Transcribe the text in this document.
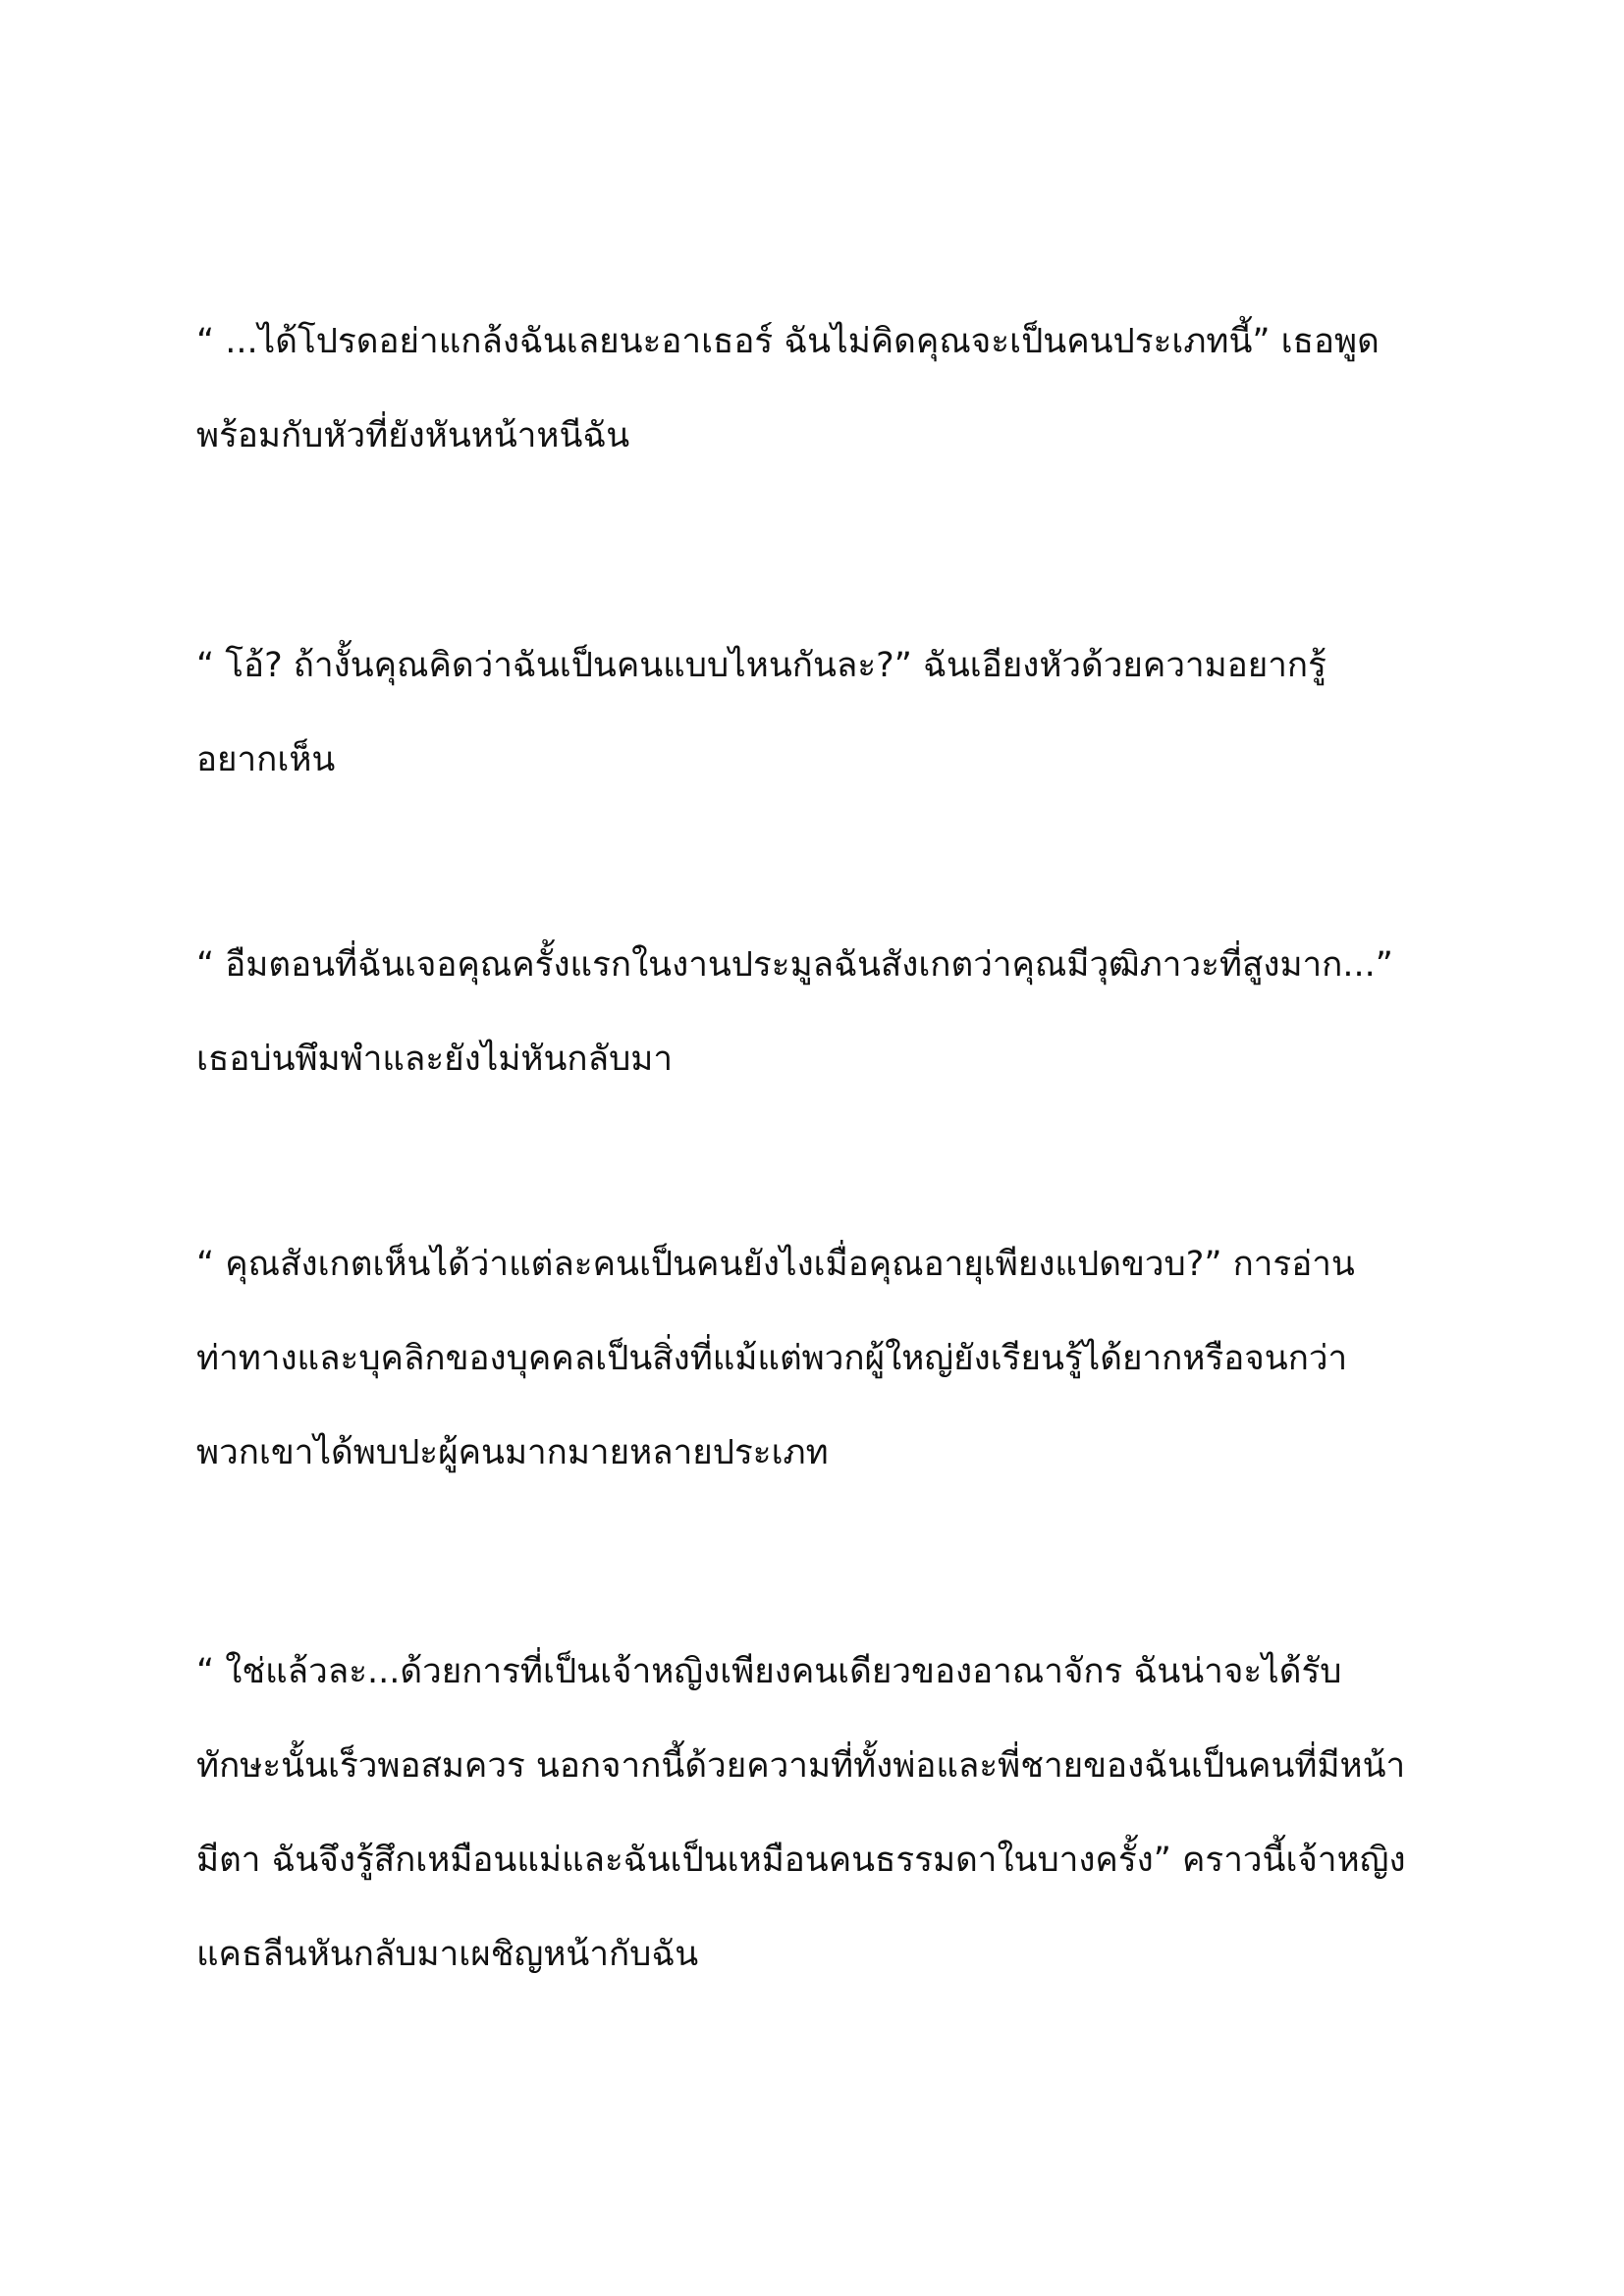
“ ...ได้โปรดอย่าแกล้งฉันเลยนะอาเธอร์ ฉันไม่คิดคุณจะเป็นคนประเภทนี้” เธอพูด
พร้อมกับหัวที่ยังหันหน้าหนีฉัน

“ โอ้? ถ้างั้นคุณคิดว่าฉันเป็นคนแบบไหนกันละ?” ฉันเอียงหัวด้วยความอยากรู้
อยากเห็น

“ อืมตอนที่ฉันเจอคุณครั้งแรกในงานประมูลฉันสังเกตว่าคุณมีวุฒิภาวะที่สูงมาก...”
เธอบ่นพึมพำและยังไม่หันกลับมา

“ คุณสังเกตเห็นได้ว่าแต่ละคนเป็นคนยังไงเมื่อคุณอายุเพียงแปดขวบ?” การอ่าน
ท่าทางและบุคลิกของบุคคลเป็นสิ่งที่แม้แต่พวกผู้ใหญ่ยังเรียนรู้ได้ยากหรือจนกว่า
พวกเขาได้พบปะผู้คนมากมายหลายประเภท

“ ใช่แล้วละ...ด้วยการที่เป็นเจ้าหญิงเพียงคนเดียวของอาณาจักร ฉันน่าจะได้รับ
ทักษะนั้นเร็วพอสมควร นอกจากนี้ด้วยความที่ทั้งพ่อและพี่ชายของฉันเป็นคนที่มีหน้า
มีตา ฉันจึงรู้สึกเหมือนแม่และฉันเป็นเหมือนคนธรรมดาในบางครั้ง” คราวนี้เจ้าหญิง
แคธลีนหันกลับมาเผชิญหน้ากับฉัน
